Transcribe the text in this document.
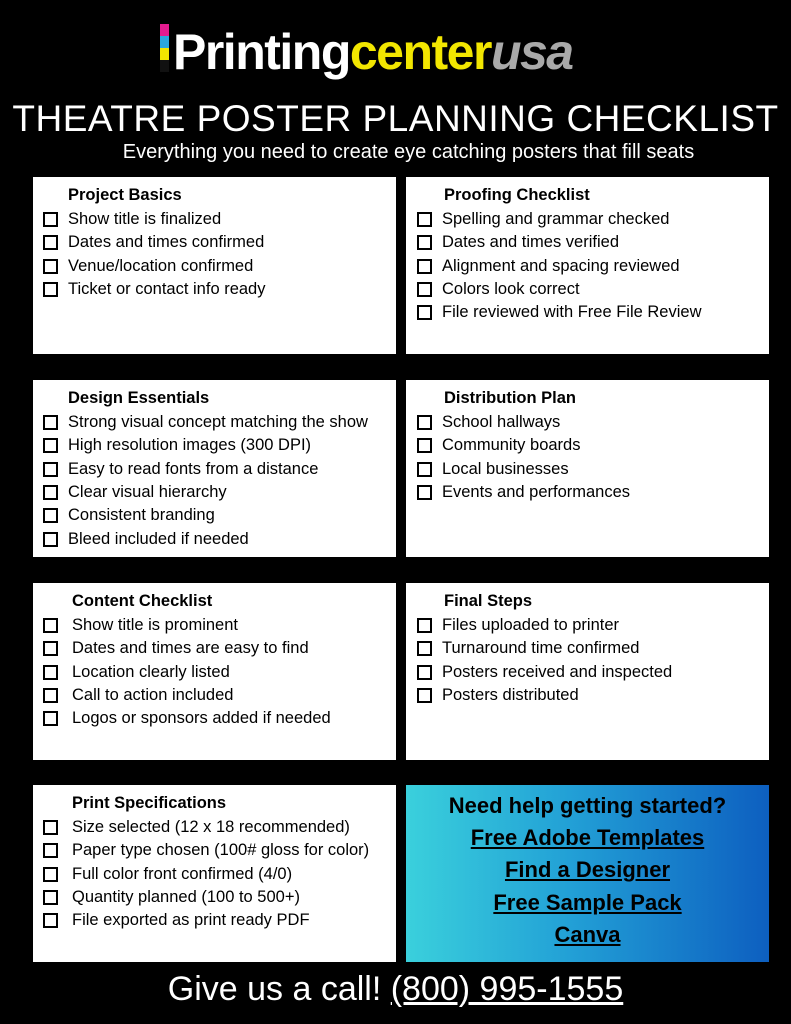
Printingcenterusa
THEATRE POSTER PLANNING CHECKLIST
Everything you need to create eye catching posters that fill seats
Project Basics
Show title is finalized
Dates and times confirmed
Venue/location confirmed
Ticket or contact info ready
Proofing Checklist
Spelling and grammar checked
Dates and times verified
Alignment and spacing reviewed
Colors look correct
File reviewed with Free File Review
Design Essentials
Strong visual concept matching the show
High resolution images (300 DPI)
Easy to read fonts from a distance
Clear visual hierarchy
Consistent branding
Bleed included if needed
Distribution Plan
School hallways
Community boards
Local businesses
Events and performances
Content Checklist
Show title is prominent
Dates and times are easy to find
Location clearly listed
Call to action included
Logos or sponsors added if needed
Final Steps
Files uploaded to printer
Turnaround time confirmed
Posters received and inspected
Posters distributed
Print Specifications
Size selected (12 x 18 recommended)
Paper type chosen (100# gloss for color)
Full color front confirmed (4/0)
Quantity planned (100 to 500+)
File exported as print ready PDF
Need help getting started?
Free Adobe Templates
Find a Designer
Free Sample Pack
Canva
Give us a call! (800) 995-1555
